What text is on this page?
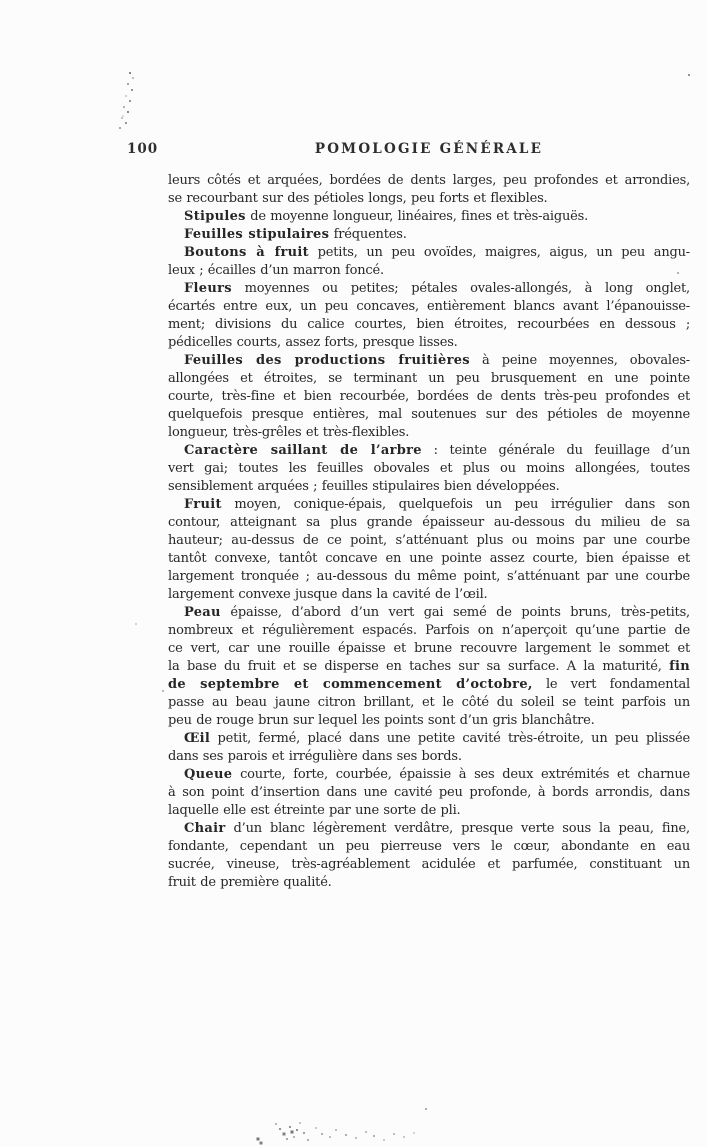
100	POMOLOGIE GÉNÉRALE
leurs côtés et arquées, bordées de dents larges, peu profondes et arrondies,
se recourbant sur des pétioles longs, peu forts et flexibles.
Stipules de moyenne longueur, linéaires, fines et très-aiguës.
Feuilles stipulaires fréquentes.
Boutons à fruit petits, un peu ovoïdes, maigres, aigus, un peu angu-
leux ; écailles d’un marron foncé.
Fleurs moyennes ou petites; pétales ovales-allongés, à long onglet,
écartés entre eux, un peu concaves, entièrement blancs avant l’épanouisse-
ment; divisions du calice courtes, bien étroites, recourbées en dessous ;
pédicelles courts, assez forts, presque lisses.
Feuilles des productions fruitières à peine moyennes, obovales-
allongées et étroites, se terminant un peu brusquement en une pointe
courte, très-fine et bien recourbée, bordées de dents très-peu profondes et
quelquefois presque entières, mal soutenues sur des pétioles de moyenne
longueur, très-grêles et très-flexibles.
Caractère saillant de l’arbre : teinte générale du feuillage d’un
vert gai; toutes les feuilles obovales et plus ou moins allongées, toutes
sensiblement arquées ; feuilles stipulaires bien développées.
Fruit moyen, conique-épais, quelquefois un peu irrégulier dans son
contour, atteignant sa plus grande épaisseur au-dessous du milieu de sa
hauteur; au-dessus de ce point, s’atténuant plus ou moins par une courbe
tantôt convexe, tantôt concave en une pointe assez courte, bien épaisse et
largement tronquée ; au-dessous du même point, s’atténuant par une courbe
largement convexe jusque dans la cavité de l’œil.
Peau épaisse, d’abord d’un vert gai semé de points bruns, très-petits,
nombreux et régulièrement espacés. Parfois on n’aperçoit qu’une partie de
ce vert, car une rouille épaisse et brune recouvre largement le sommet et
la base du fruit et se disperse en taches sur sa surface. A la maturité, fin
de septembre et commencement d’octobre, le vert fondamental
passe au beau jaune citron brillant, et le côté du soleil se teint parfois un
peu de rouge brun sur lequel les points sont d’un gris blanchâtre.
Œil petit, fermé, placé dans une petite cavité très-étroite, un peu plissée
dans ses parois et irrégulière dans ses bords.
Queue courte, forte, courbée, épaissie à ses deux extrémités et charnue
à son point d’insertion dans une cavité peu profonde, à bords arrondis, dans
laquelle elle est étreinte par une sorte de pli.
Chair d’un blanc légèrement verdâtre, presque verte sous la peau, fine,
fondante, cependant un peu pierreuse vers le cœur, abondante en eau
sucrée, vineuse, très-agréablement acidulée et parfumée, constituant un
fruit de première qualité.
